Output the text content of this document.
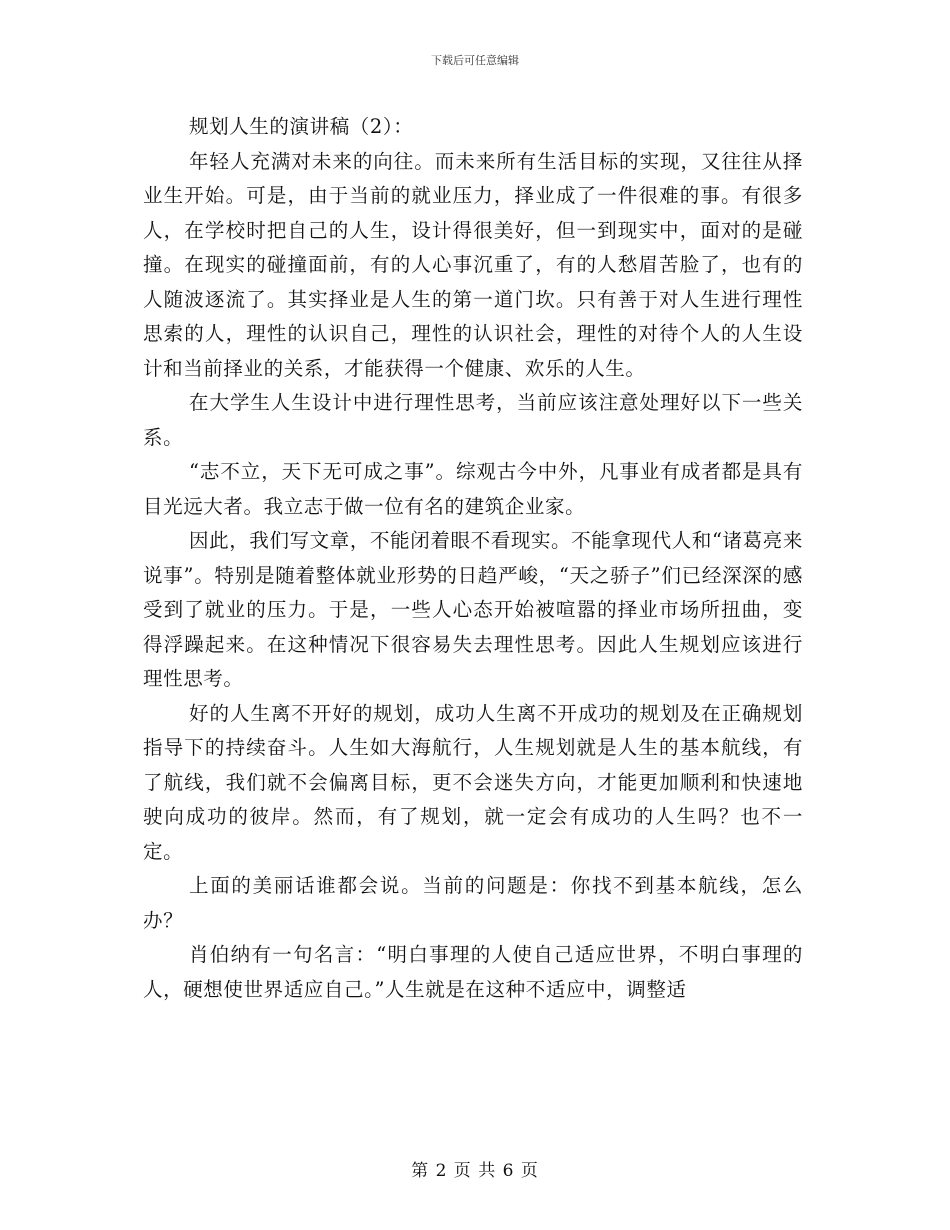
下载后可任意编辑

规划人生的演讲稿（2）：

年轻人充满对未来的向往。而未来所有生活目标的实现，又往往从择业生开始。可是，由于当前的就业压力，择业成了一件很难的事。有很多人，在学校时把自己的人生，设计得很美好，但一到现实中，面对的是碰撞。在现实的碰撞面前，有的人心事沉重了，有的人愁眉苦脸了，也有的人随波逐流了。其实择业是人生的第一道门坎。只有善于对人生进行理性思索的人，理性的认识自己，理性的认识社会，理性的对待个人的人生设计和当前择业的关系，才能获得一个健康、欢乐的人生。

在大学生人生设计中进行理性思考，当前应该注意处理好以下一些关系。

“志不立，天下无可成之事”。综观古今中外，凡事业有成者都是具有目光远大者。我立志于做一位有名的建筑企业家。

因此，我们写文章，不能闭着眼不看现实。不能拿现代人和“诸葛亮来说事”。特别是随着整体就业形势的日趋严峻，“天之骄子”们已经深深的感受到了就业的压力。于是，一些人心态开始被喧嚣的择业市场所扭曲，变得浮躁起来。在这种情况下很容易失去理性思考。因此人生规划应该进行理性思考。

好的人生离不开好的规划，成功人生离不开成功的规划及在正确规划指导下的持续奋斗。人生如大海航行，人生规划就是人生的基本航线，有了航线，我们就不会偏离目标，更不会迷失方向，才能更加顺利和快速地驶向成功的彼岸。然而，有了规划，就一定会有成功的人生吗？也不一定。

上面的美丽话谁都会说。当前的问题是：你找不到基本航线，怎么办？

肖伯纳有一句名言：“明白事理的人使自己适应世界，不明白事理的人，硬想使世界适应自己。”人生就是在这种不适应中，调整适

第 2 页 共 6 页
